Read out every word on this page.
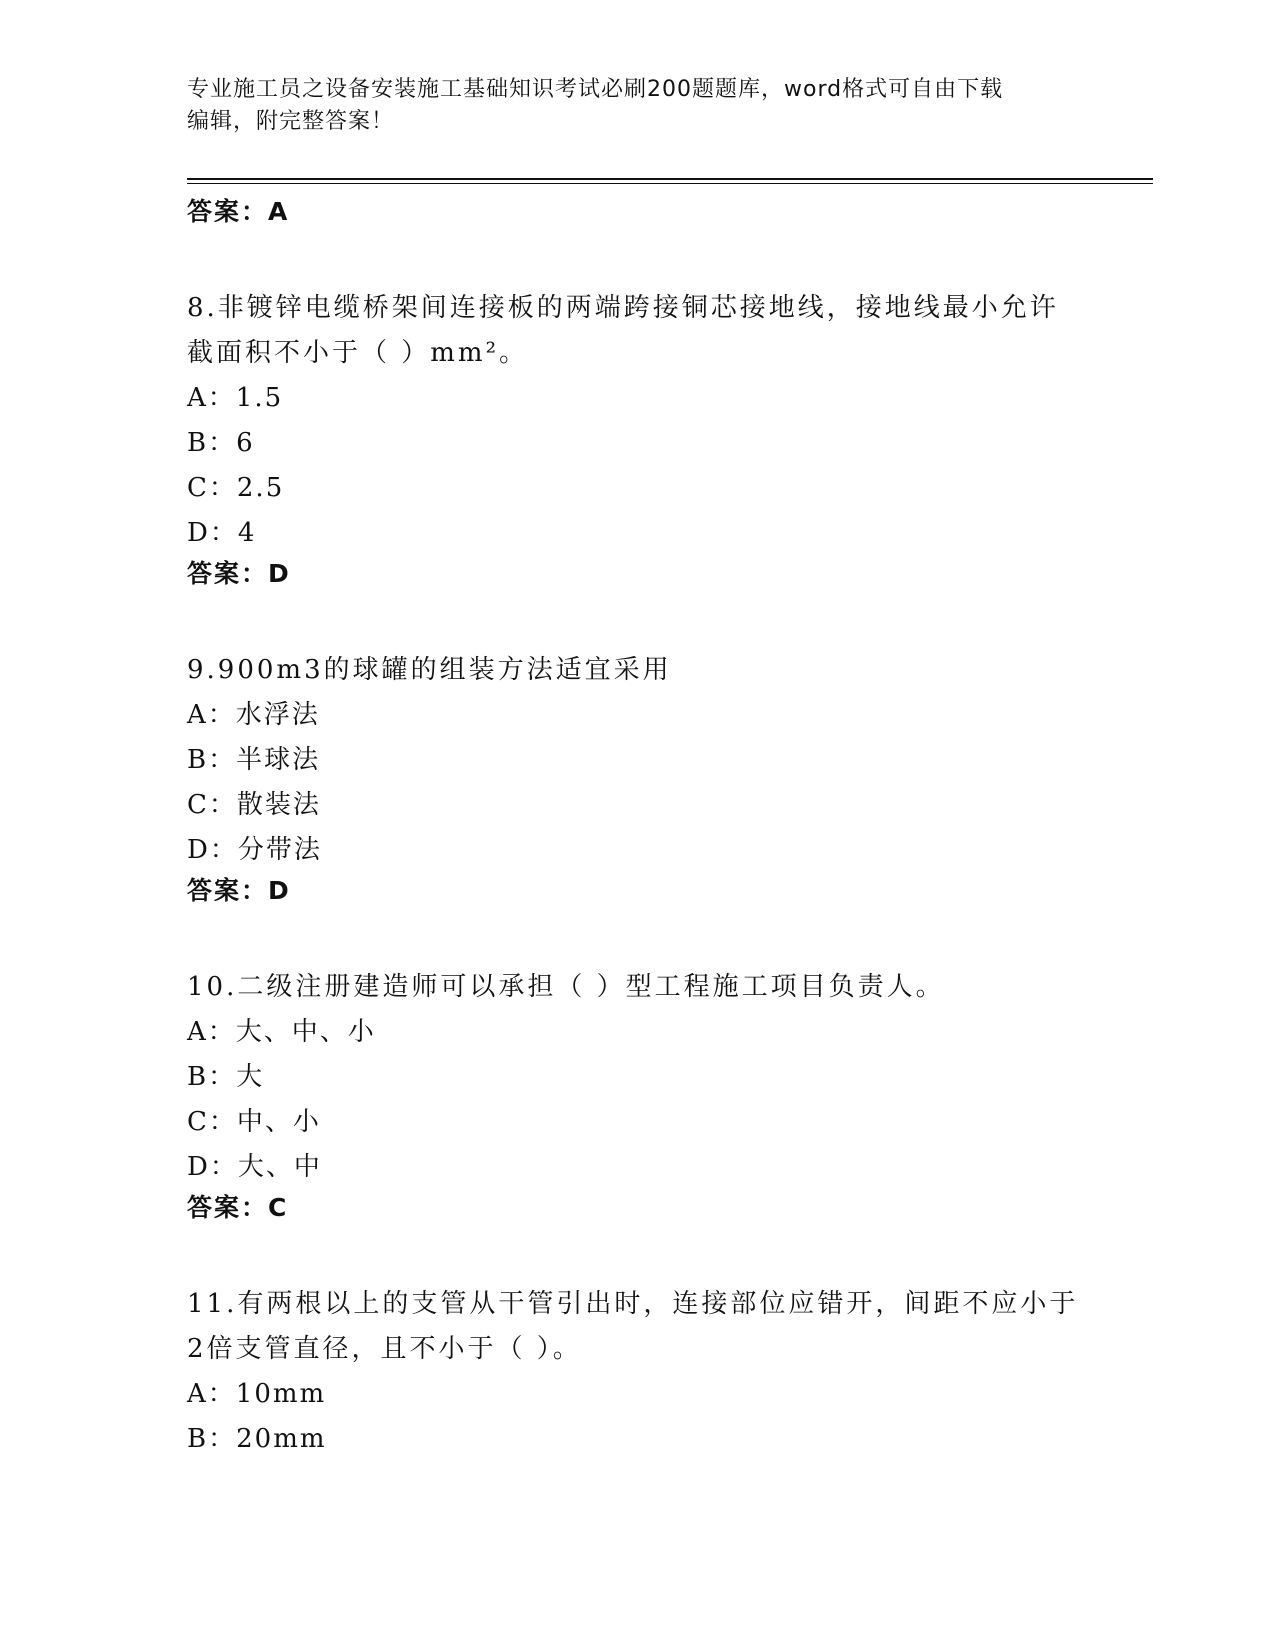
专业施工员之设备安装施工基础知识考试必刷200题题库，word格式可自由下载
编辑，附完整答案！
答案：A
8.非镀锌电缆桥架间连接板的两端跨接铜芯接地线，接地线最小允许截面积不小于（ ）mm²。
A：1.5
B：6
C：2.5
D：4
答案：D
9.900m3的球罐的组装方法适宜采用
A：水浮法
B：半球法
C：散装法
D：分带法
答案：D
10.二级注册建造师可以承担（ ）型工程施工项目负责人。
A：大、中、小
B：大
C：中、小
D：大、中
答案：C
11.有两根以上的支管从干管引出时，连接部位应错开，间距不应小于2倍支管直径，且不小于（ ）。
A：10mm
B：20mm
